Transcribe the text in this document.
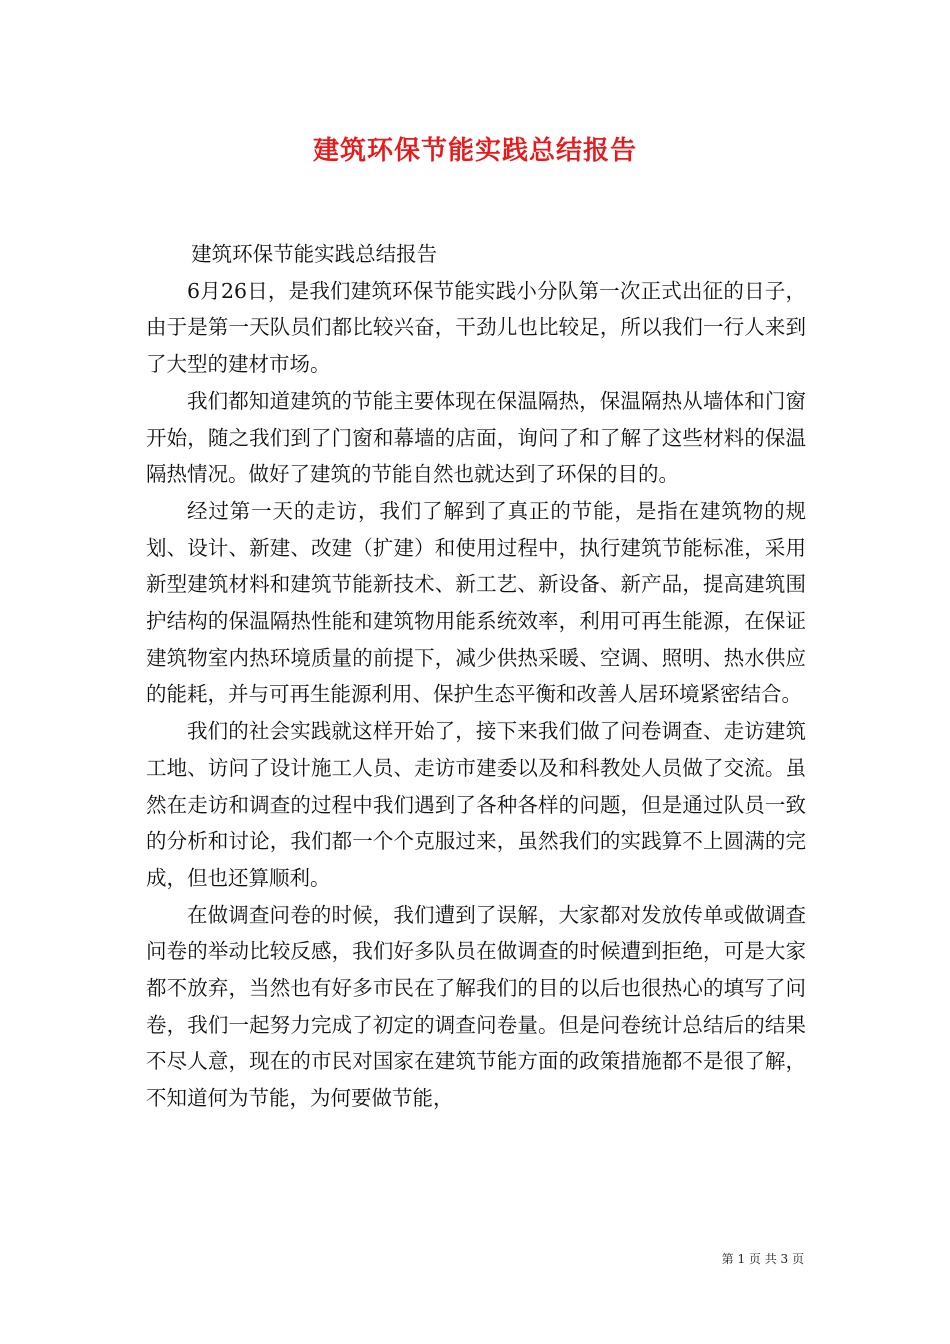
建筑环保节能实践总结报告

建筑环保节能实践总结报告

6月26日，是我们建筑环保节能实践小分队第一次正式出征的日子，由于是第一天队员们都比较兴奋，干劲儿也比较足，所以我们一行人来到了大型的建材市场。

我们都知道建筑的节能主要体现在保温隔热，保温隔热从墙体和门窗开始，随之我们到了门窗和幕墙的店面，询问了和了解了这些材料的保温隔热情况。做好了建筑的节能自然也就达到了环保的目的。

经过第一天的走访，我们了解到了真正的节能，是指在建筑物的规划、设计、新建、改建（扩建）和使用过程中，执行建筑节能标准，采用新型建筑材料和建筑节能新技术、新工艺、新设备、新产品，提高建筑围护结构的保温隔热性能和建筑物用能系统效率，利用可再生能源，在保证建筑物室内热环境质量的前提下，减少供热采暖、空调、照明、热水供应的能耗，并与可再生能源利用、保护生态平衡和改善人居环境紧密结合。

我们的社会实践就这样开始了，接下来我们做了问卷调查、走访建筑工地、访问了设计施工人员、走访市建委以及和科教处人员做了交流。虽然在走访和调查的过程中我们遇到了各种各样的问题，但是通过队员一致的分析和讨论，我们都一个个克服过来，虽然我们的实践算不上圆满的完成，但也还算顺利。

在做调查问卷的时候，我们遭到了误解，大家都对发放传单或做调查问卷的举动比较反感，我们好多队员在做调查的时候遭到拒绝，可是大家都不放弃，当然也有好多市民在了解我们的目的以后也很热心的填写了问卷，我们一起努力完成了初定的调查问卷量。但是问卷统计总结后的结果不尽人意，现在的市民对国家在建筑节能方面的政策措施都不是很了解，不知道何为节能，为何要做节能，

第 1 页 共 3 页
